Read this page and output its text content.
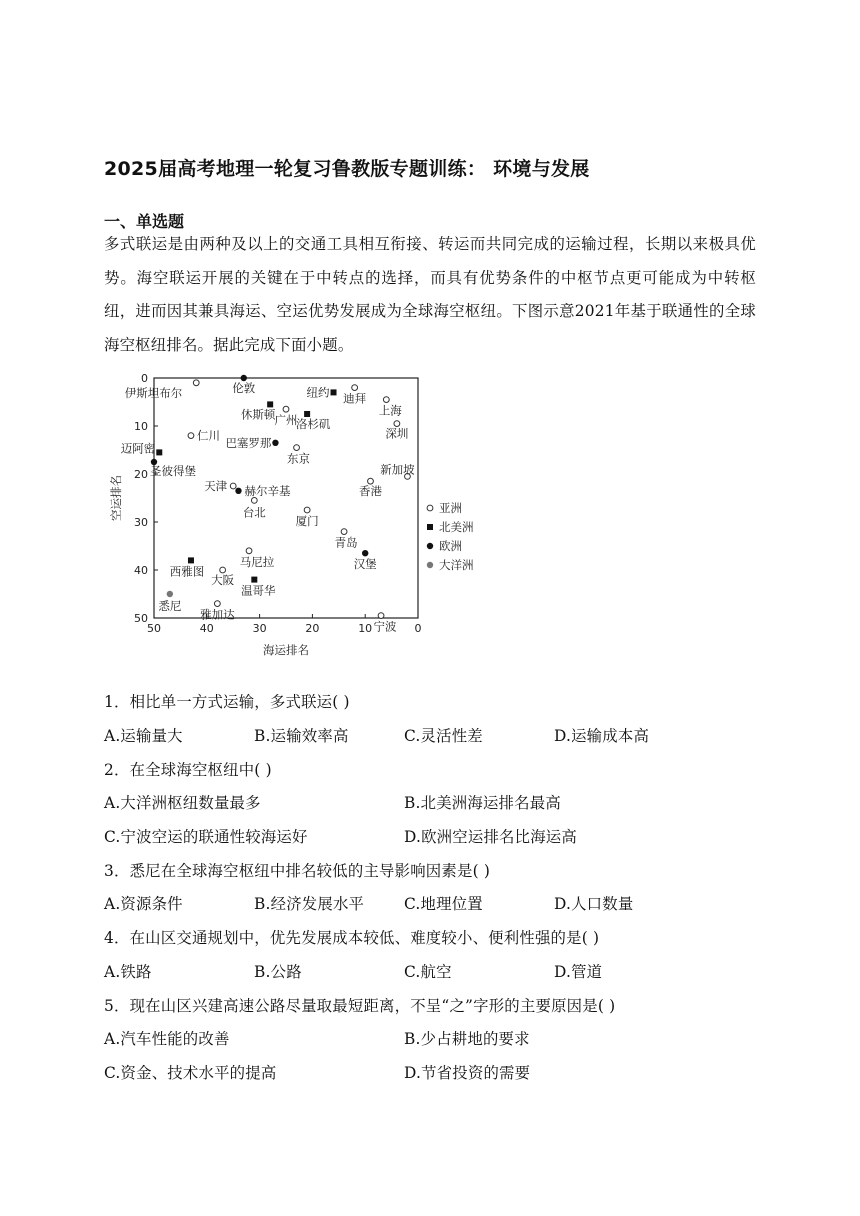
2025届高考地理一轮复习鲁教版专题训练： 环境与发展
一、单选题

多式联运是由两种及以上的交通工具相互衔接、转运而共同完成的运输过程，长期以来极具优势。海空联运开展的关键在于中转点的选择，而具有优势条件的中枢节点更可能成为中转枢纽，进而因其兼具海运、空运优势发展成为全球海空枢纽。下图示意2021年基于联通性的全球海空枢纽排名。据此完成下面小题。

50	40	30	20	10	0
0
10
20
30
40
50
海运排名
空运排名
伊斯坦布尔	伦敦	纽约 迪拜
上海
休斯顿 广州
洛杉矶
深圳
迈阿密
仁川
巴塞罗那
东京
圣彼得堡	新加坡
天津 赫尔辛基	香港
台北
厦门
青岛
马尼拉	汉堡
西雅图
大阪
温哥华
悉尼
雅加达
宁波
亚洲
北美洲
欧洲
大洋洲
1．相比单一方式运输，多式联运( )
A.运输量大	B.运输效率高	C.灵活性差	D.运输成本高
2．在全球海空枢纽中( )
A.大洋洲枢纽数量最多	B.北美洲海运排名最高
C.宁波空运的联通性较海运好	D.欧洲空运排名比海运高
3．悉尼在全球海空枢纽中排名较低的主导影响因素是( )
A.资源条件	B.经济发展水平	C.地理位置	D.人口数量
4．在山区交通规划中，优先发展成本较低、难度较小、便利性强的是( )
A.铁路	B.公路	C.航空	D.管道
5．现在山区兴建高速公路尽量取最短距离，不呈“之”字形的主要原因是( )
A.汽车性能的改善	B.少占耕地的要求
C.资金、技术水平的提高	D.节省投资的需要
